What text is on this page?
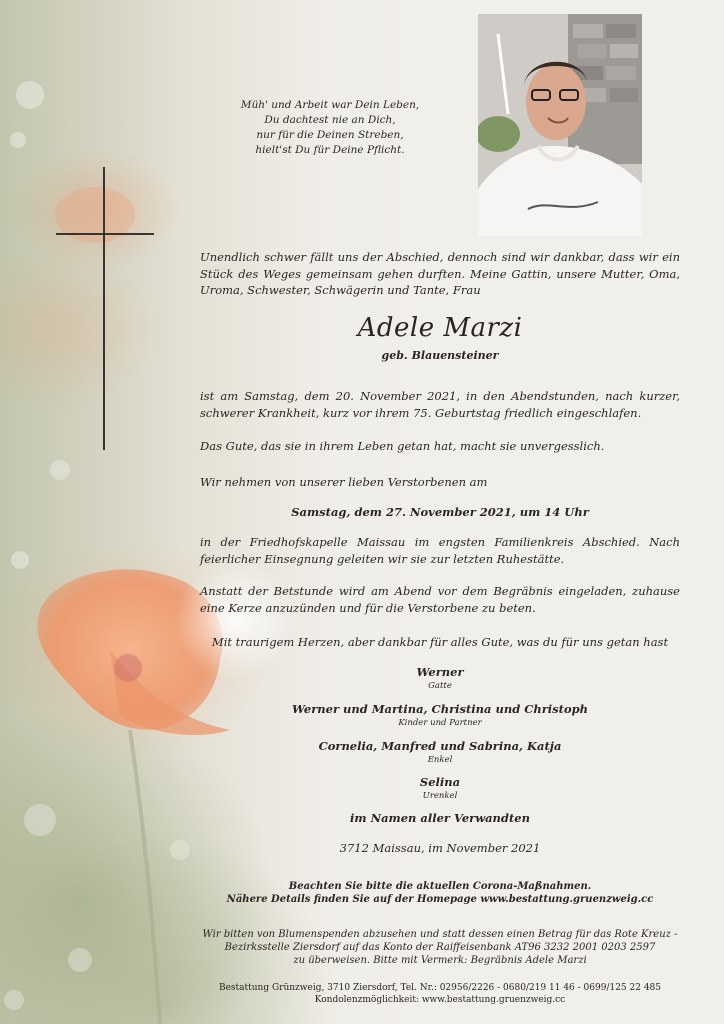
Müh' und Arbeit war Dein Leben,
Du dachtest nie an Dich,
nur für die Deinen Streben,
hielt'st Du für Deine Pflicht.
Unendlich schwer fällt uns der Abschied, dennoch sind wir dankbar, dass wir ein Stück des Weges gemeinsam gehen durften. Meine Gattin, unsere Mutter, Oma, Uroma, Schwester, Schwägerin und Tante, Frau
Adele Marzi
geb. Blauensteiner
ist am Samstag, dem 20. November 2021, in den Abendstunden, nach kurzer, schwerer Krankheit, kurz vor ihrem 75. Geburtstag friedlich eingeschlafen.
Das Gute, das sie in ihrem Leben getan hat, macht sie unvergesslich.
Wir nehmen von unserer lieben Verstorbenen am
Samstag, dem 27. November 2021, um 14 Uhr
in der Friedhofskapelle Maissau im engsten Familienkreis Abschied. Nach feierlicher Einsegnung geleiten wir sie zur letzten Ruhestätte.
Anstatt der Betstunde wird am Abend vor dem Begräbnis eingeladen, zuhause eine Kerze anzuzünden und für die Verstorbene zu beten.
Mit traurigem Herzen, aber dankbar für alles Gute, was du für uns getan hast
Werner
Gatte
Werner und Martina, Christina und Christoph
Kinder und Partner
Cornelia, Manfred und Sabrina, Katja
Enkel
Selina
Urenkel
im Namen aller Verwandten
3712 Maissau, im November 2021
Beachten Sie bitte die aktuellen Corona-Maßnahmen.
Nähere Details finden Sie auf der Homepage www.bestattung.gruenzweig.cc
Wir bitten von Blumenspenden abzusehen und statt dessen einen Betrag für das Rote Kreuz -
Bezirksstelle Ziersdorf auf das Konto der Raiffeisenbank AT96 3232 2001 0203 2597
zu überweisen. Bitte mit Vermerk: Begräbnis Adele Marzi
Bestattung Grünzweig, 3710 Ziersdorf, Tel. Nr.: 02956/2226 - 0680/219 11 46 - 0699/125 22 485
Kondolenzmöglichkeit: www.bestattung.gruenzweig.cc
